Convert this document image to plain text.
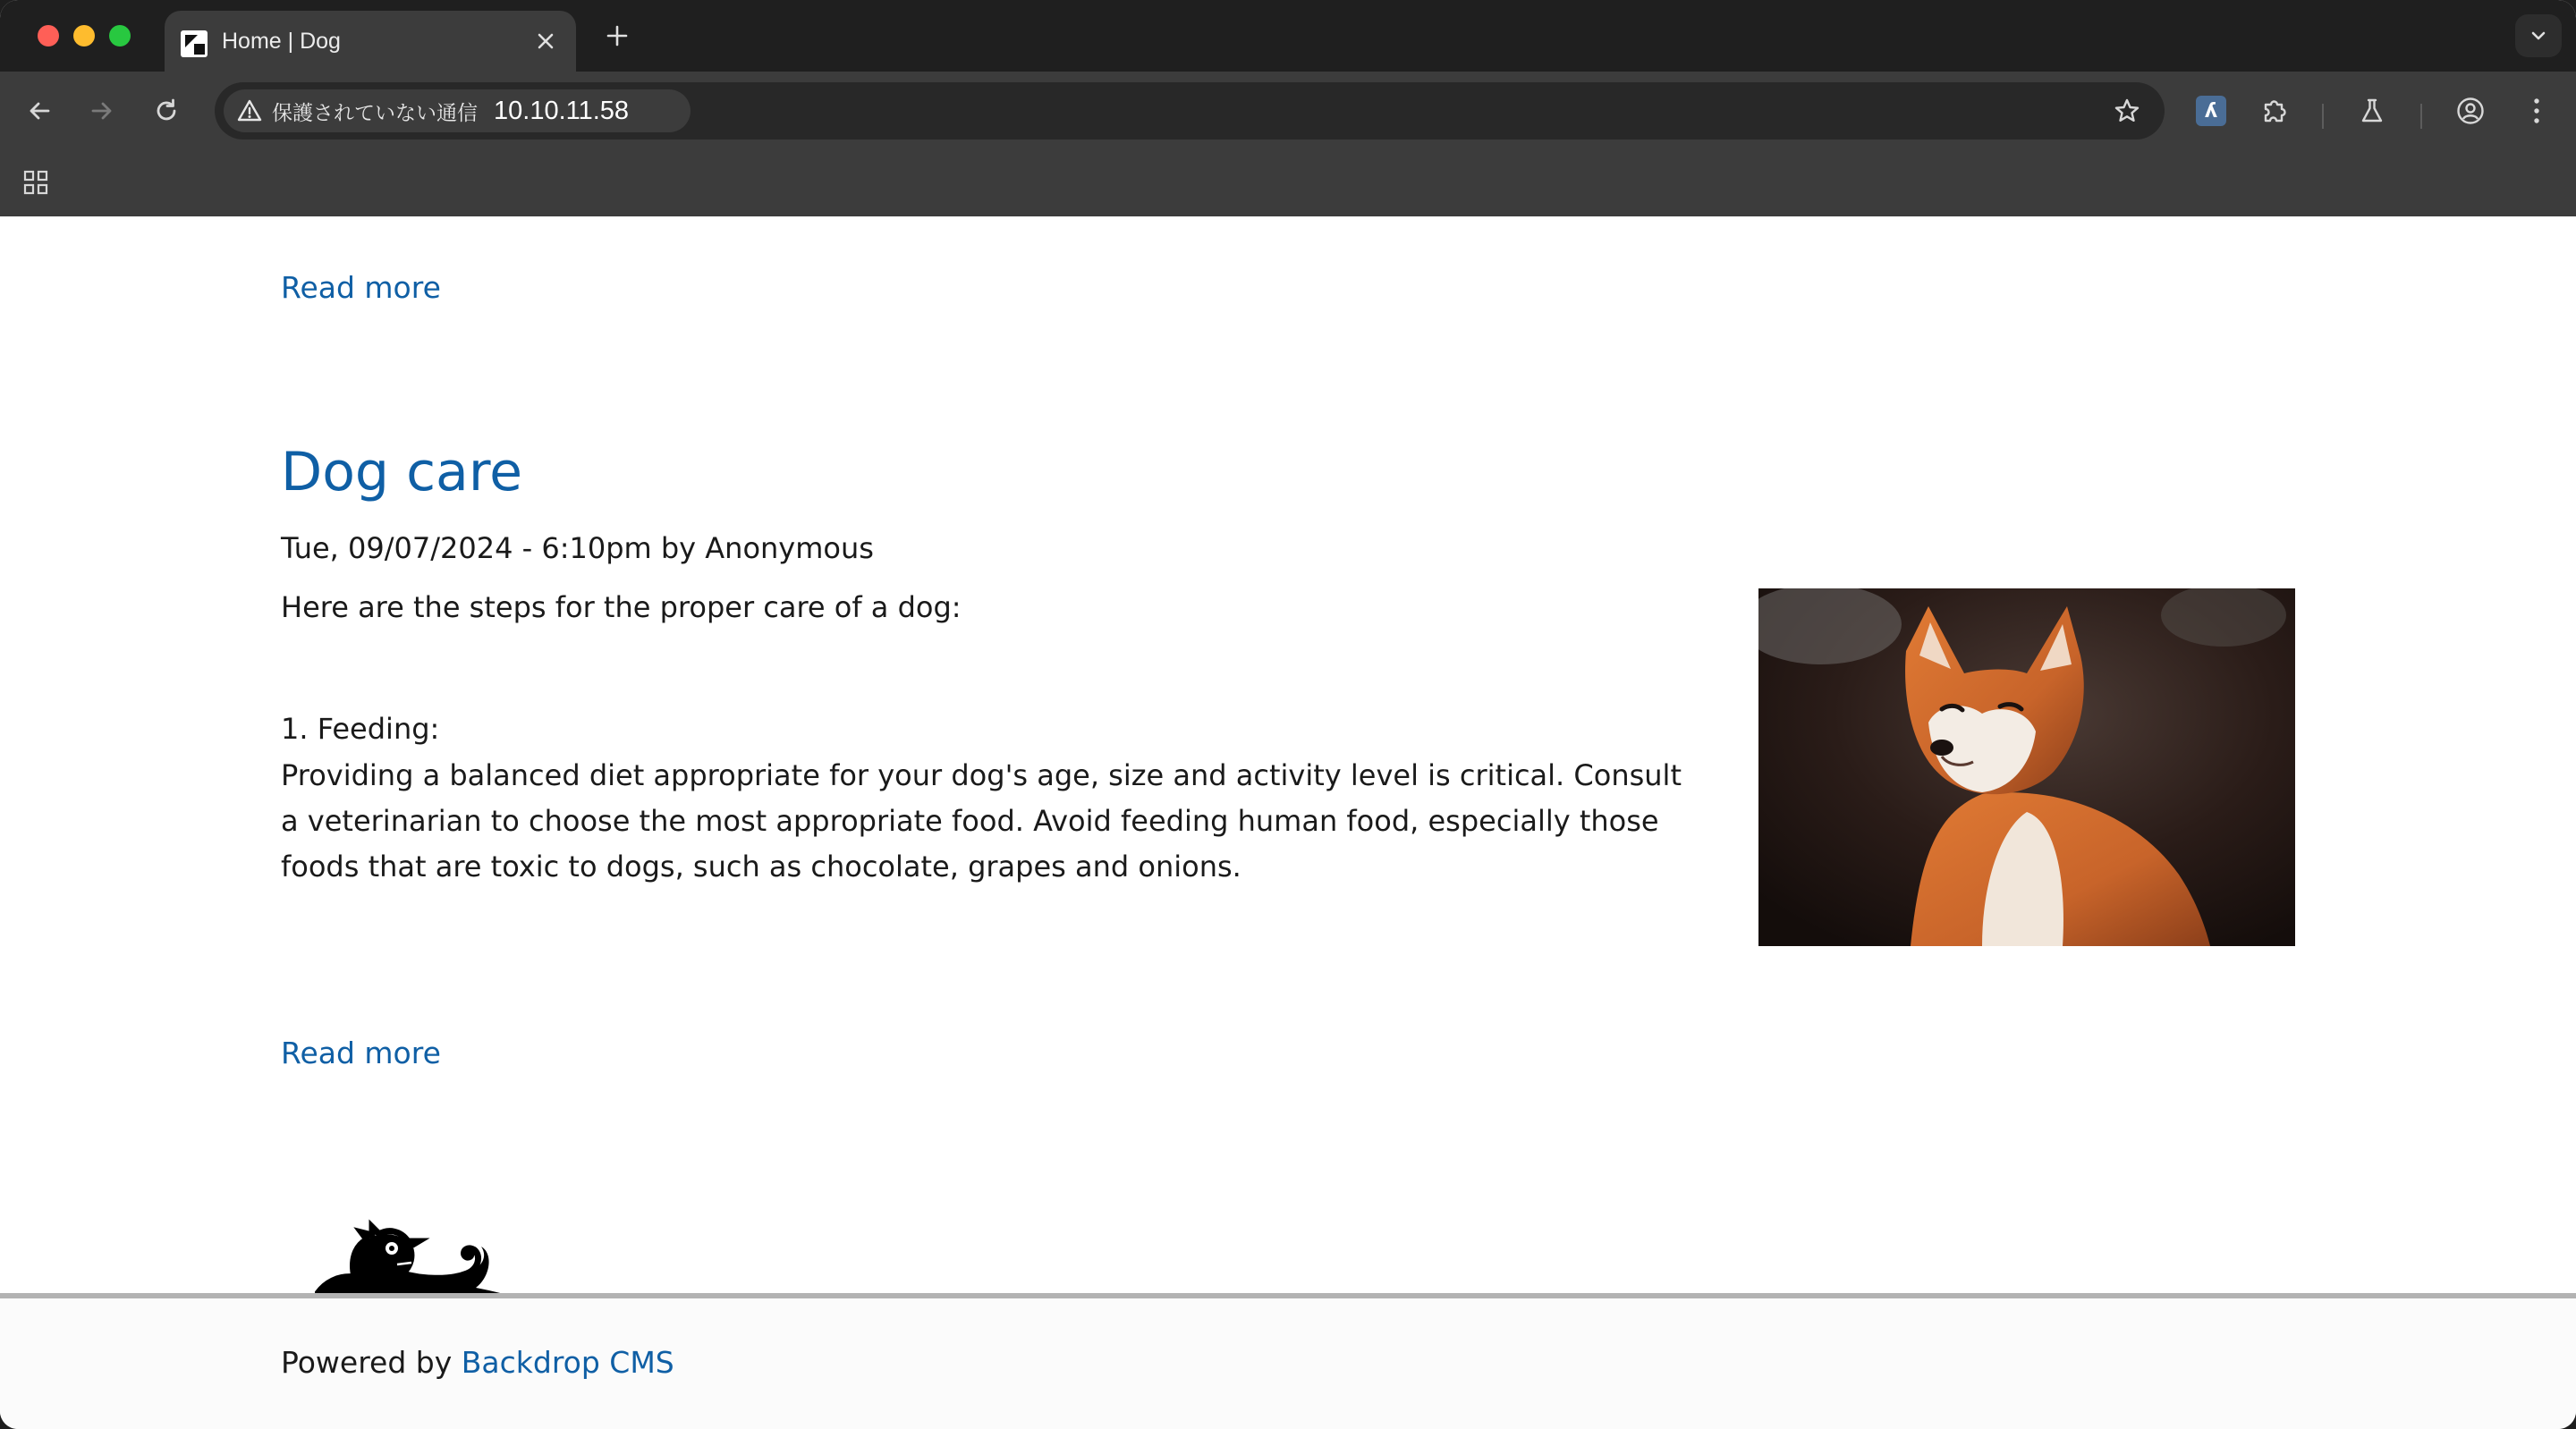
Home | Dog
保護されていない通信 10.10.11.58	ʎ
Read more
Dog care
Tue, 09/07/2024 - 6:10pm by Anonymous
Here are the steps for the proper care of a dog:
1. Feeding:
Providing a balanced diet appropriate for your dog's age, size and activity level is critical. Consult a veterinarian to choose the most appropriate food. Avoid feeding human food, especially those foods that are toxic to dogs, such as chocolate, grapes and onions.
Read more
Powered by Backdrop CMS
